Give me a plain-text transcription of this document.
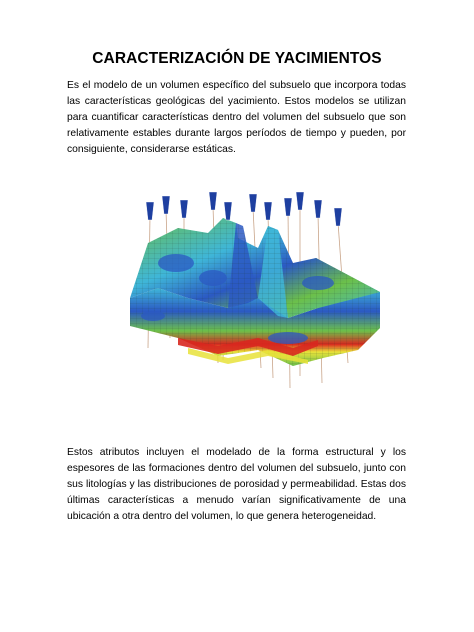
CARACTERIZACIÓN DE YACIMIENTOS
Es el modelo de un volumen específico del subsuelo que incorpora todas las características geológicas del yacimiento. Estos modelos se utilizan para cuantificar características dentro del volumen del subsuelo que son relativamente estables durante largos períodos de tiempo y pueden, por consiguiente, considerarse estáticas.
Estos atributos incluyen el modelado de la forma estructural y los espesores de las formaciones dentro del volumen del subsuelo, junto con sus litologías y las distribuciones de porosidad y permeabilidad. Estas dos últimas características a menudo varían significativamente de una ubicación a otra dentro del volumen, lo que genera heterogeneidad.
